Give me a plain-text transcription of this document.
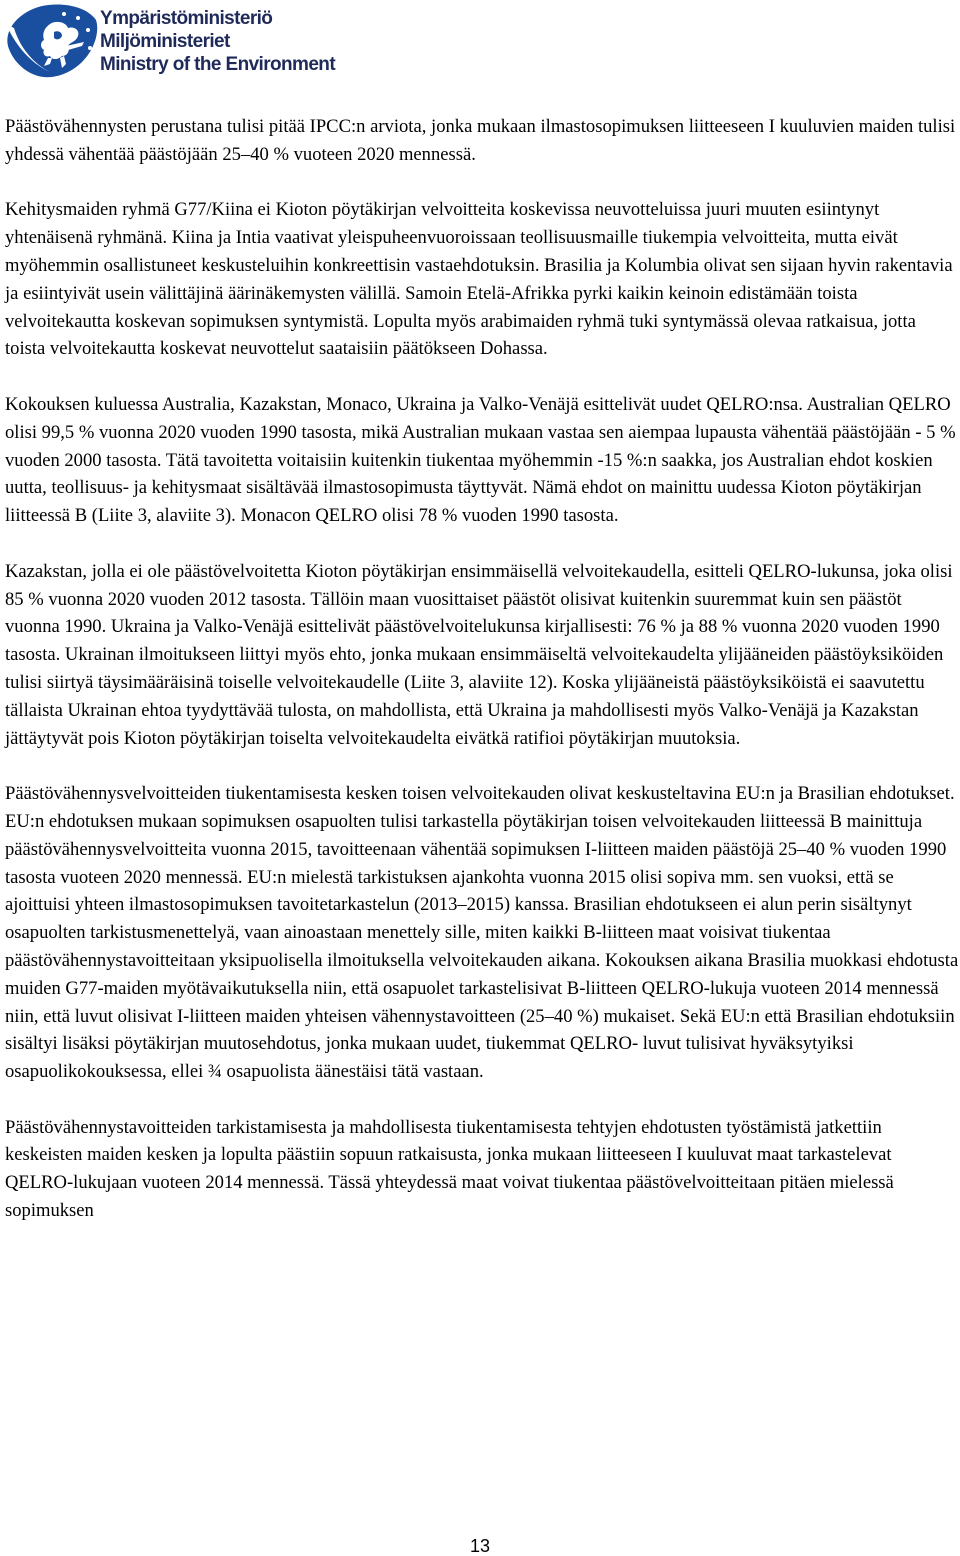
Ympäristöministeriö
Miljöministeriet
Ministry of the Environment

Päästövähennysten perustana tulisi pitää IPCC:n arviota, jonka mukaan ilmastosopimuksen liitteeseen I kuuluvien maiden tulisi yhdessä vähentää päästöjään 25–40 % vuoteen 2020 mennessä.

Kehitysmaiden ryhmä G77/Kiina ei Kioton pöytäkirjan velvoitteita koskevissa neuvotteluissa juuri muuten esiintynyt yhtenäisenä ryhmänä. Kiina ja Intia vaativat yleispuheenvuoroissaan teollisuusmaille tiukempia velvoitteita, mutta eivät myöhemmin osallistuneet keskusteluihin konkreettisin vastaehdotuksin. Brasilia ja Kolumbia olivat sen sijaan hyvin rakentavia ja esiintyivät usein välittäjinä äärinäkemysten välillä. Samoin Etelä-Afrikka pyrki kaikin keinoin edistämään toista velvoitekautta koskevan sopimuksen syntymistä. Lopulta myös arabimaiden ryhmä tuki syntymässä olevaa ratkaisua, jotta toista velvoitekautta koskevat neuvottelut saataisiin päätökseen Dohassa.

Kokouksen kuluessa Australia, Kazakstan, Monaco, Ukraina ja Valko-Venäjä esittelivät uudet QELRO:nsa. Australian QELRO olisi 99,5 % vuonna 2020 vuoden 1990 tasosta, mikä Australian mukaan vastaa sen aiempaa lupausta vähentää päästöjään - 5 % vuoden 2000 tasosta. Tätä tavoitetta voitaisiin kuitenkin tiukentaa myöhemmin -15 %:n saakka, jos Australian ehdot koskien uutta, teollisuus- ja kehitysmaat sisältävää ilmastosopimusta täyttyvät. Nämä ehdot on mainittu uudessa Kioton pöytäkirjan liitteessä B (Liite 3, alaviite 3). Monacon QELRO olisi 78 % vuoden 1990 tasosta.

Kazakstan, jolla ei ole päästövelvoitetta Kioton pöytäkirjan ensimmäisellä velvoitekaudella, esitteli QELRO-lukunsa, joka olisi 85 % vuonna 2020 vuoden 2012 tasosta. Tällöin maan vuosittaiset päästöt olisivat kuitenkin suuremmat kuin sen päästöt vuonna 1990. Ukraina ja Valko-Venäjä esittelivät päästövelvoitelukunsa kirjallisesti: 76 % ja 88 % vuonna 2020 vuoden 1990 tasosta. Ukrainan ilmoitukseen liittyi myös ehto, jonka mukaan ensimmäiseltä velvoitekaudelta ylijääneiden päästöyksiköiden tulisi siirtyä täysimääräisinä toiselle velvoitekaudelle (Liite 3, alaviite 12). Koska ylijääneistä päästöyksiköistä ei saavutettu tällaista Ukrainan ehtoa tyydyttävää tulosta, on mahdollista, että Ukraina ja mahdollisesti myös Valko-Venäjä ja Kazakstan jättäytyvät pois Kioton pöytäkirjan toiselta velvoitekaudelta eivätkä ratifioi pöytäkirjan muutoksia.

Päästövähennysvelvoitteiden tiukentamisesta kesken toisen velvoitekauden olivat keskusteltavina EU:n ja Brasilian ehdotukset. EU:n ehdotuksen mukaan sopimuksen osapuolten tulisi tarkastella pöytäkirjan toisen velvoitekauden liitteessä B mainittuja päästövähennysvelvoitteita vuonna 2015, tavoitteenaan vähentää sopimuksen I-liitteen maiden päästöjä 25–40 % vuoden 1990 tasosta vuoteen 2020 mennessä. EU:n mielestä tarkistuksen ajankohta vuonna 2015 olisi sopiva mm. sen vuoksi, että se ajoittuisi yhteen ilmastosopimuksen tavoitetarkastelun (2013–2015) kanssa. Brasilian ehdotukseen ei alun perin sisältynyt osapuolten tarkistusmenettelyä, vaan ainoastaan menettely sille, miten kaikki B-liitteen maat voisivat tiukentaa päästövähennystavoitteitaan yksipuolisella ilmoituksella velvoitekauden aikana. Kokouksen aikana Brasilia muokkasi ehdotusta muiden G77-maiden myötävaikutuksella niin, että osapuolet tarkastelisivat B-liitteen QELRO-lukuja vuoteen 2014 mennessä niin, että luvut olisivat I-liitteen maiden yhteisen vähennystavoitteen (25–40 %) mukaiset. Sekä EU:n että Brasilian ehdotuksiin sisältyi lisäksi pöytäkirjan muutosehdotus, jonka mukaan uudet, tiukemmat QELRO- luvut tulisivat hyväksytyiksi osapuolikokouksessa, ellei ¾ osapuolista äänestäisi tätä vastaan.

Päästövähennystavoitteiden tarkistamisesta ja mahdollisesta tiukentamisesta tehtyjen ehdotusten työstämistä jatkettiin keskeisten maiden kesken ja lopulta päästiin sopuun ratkaisusta, jonka mukaan liitteeseen I kuuluvat maat tarkastelevat QELRO-lukujaan vuoteen 2014 mennessä. Tässä yhteydessä maat voivat tiukentaa päästövelvoitteitaan pitäen mielessä sopimuksen

13
